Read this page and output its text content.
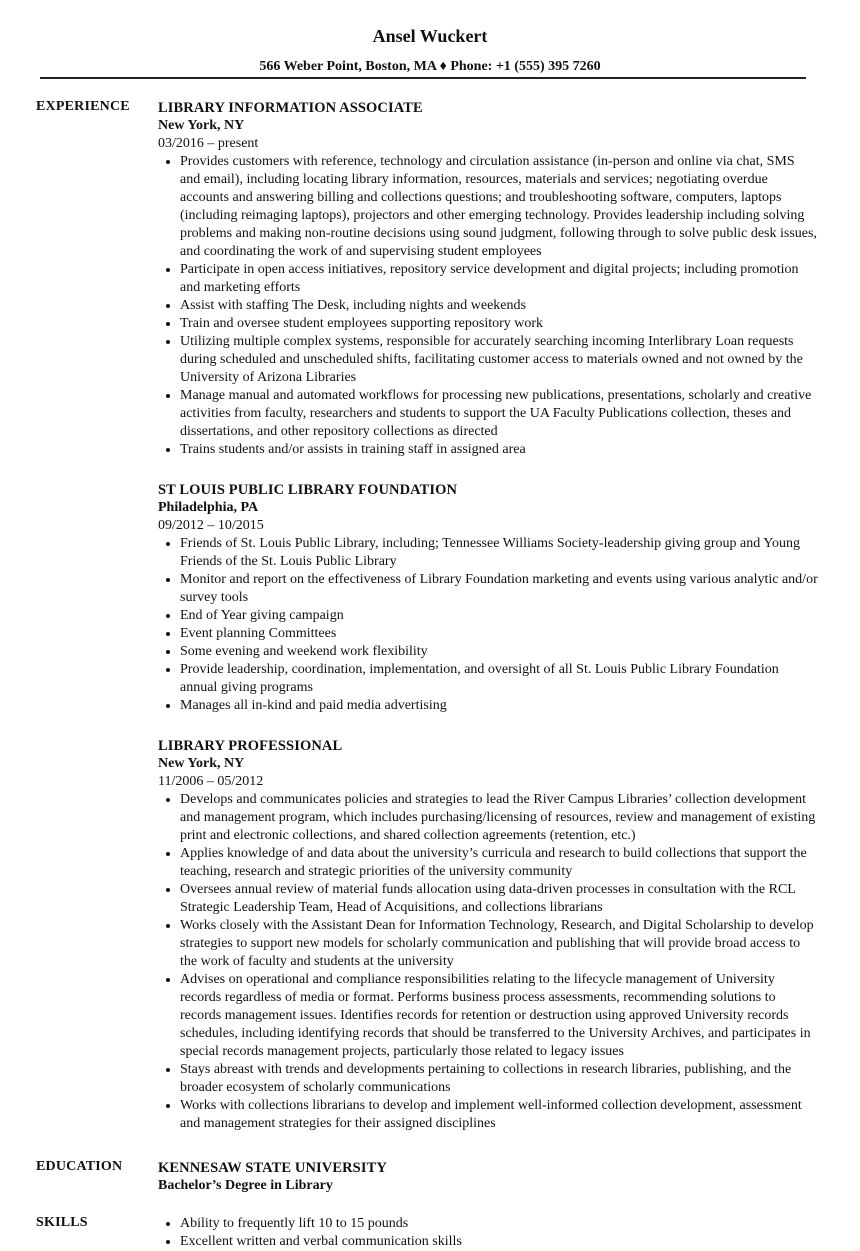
Ansel Wuckert
566 Weber Point, Boston, MA ♦ Phone: +1 (555) 395 7260
EXPERIENCE LIBRARY INFORMATION ASSOCIATE
New York, NY
03/2016 – present
Provides customers with reference, technology and circulation assistance (in-person and online via chat, SMS and email), including locating library information, resources, materials and services; negotiating overdue accounts and answering billing and collections questions; and troubleshooting software, computers, laptops (including reimaging laptops), projectors and other emerging technology. Provides leadership including solving problems and making non-routine decisions using sound judgment, following through to solve public desk issues, and coordinating the work of and supervising student employees
Participate in open access initiatives, repository service development and digital projects; including promotion and marketing efforts
Assist with staffing The Desk, including nights and weekends
Train and oversee student employees supporting repository work
Utilizing multiple complex systems, responsible for accurately searching incoming Interlibrary Loan requests during scheduled and unscheduled shifts, facilitating customer access to materials owned and not owned by the University of Arizona Libraries
Manage manual and automated workflows for processing new publications, presentations, scholarly and creative activities from faculty, researchers and students to support the UA Faculty Publications collection, theses and dissertations, and other repository collections as directed
Trains students and/or assists in training staff in assigned area
ST LOUIS PUBLIC LIBRARY FOUNDATION
Philadelphia, PA
09/2012 – 10/2015
Friends of St. Louis Public Library, including; Tennessee Williams Society-leadership giving group and Young Friends of the St. Louis Public Library
Monitor and report on the effectiveness of Library Foundation marketing and events using various analytic and/or survey tools
End of Year giving campaign
Event planning Committees
Some evening and weekend work flexibility
Provide leadership, coordination, implementation, and oversight of all St. Louis Public Library Foundation annual giving programs
Manages all in-kind and paid media advertising
LIBRARY PROFESSIONAL
New York, NY
11/2006 – 05/2012
Develops and communicates policies and strategies to lead the River Campus Libraries’ collection development and management program, which includes purchasing/licensing of resources, review and management of existing print and electronic collections, and shared collection agreements (retention, etc.)
Applies knowledge of and data about the university’s curricula and research to build collections that support the teaching, research and strategic priorities of the university community
Oversees annual review of material funds allocation using data-driven processes in consultation with the RCL Strategic Leadership Team, Head of Acquisitions, and collections librarians
Works closely with the Assistant Dean for Information Technology, Research, and Digital Scholarship to develop strategies to support new models for scholarly communication and publishing that will provide broad access to the work of faculty and students at the university
Advises on operational and compliance responsibilities relating to the lifecycle management of University records regardless of media or format. Performs business process assessments, recommending solutions to records management issues. Identifies records for retention or destruction using approved University records schedules, including identifying records that should be transferred to the University Archives, and participates in special records management projects, particularly those related to legacy issues
Stays abreast with trends and developments pertaining to collections in research libraries, publishing, and the broader ecosystem of scholarly communications
Works with collections librarians to develop and implement well-informed collection development, assessment and management strategies for their assigned disciplines
EDUCATION KENNESAW STATE UNIVERSITY
Bachelor’s Degree in Library
SKILLS	Ability to frequently lift 10 to 15 pounds
Excellent written and verbal communication skills
